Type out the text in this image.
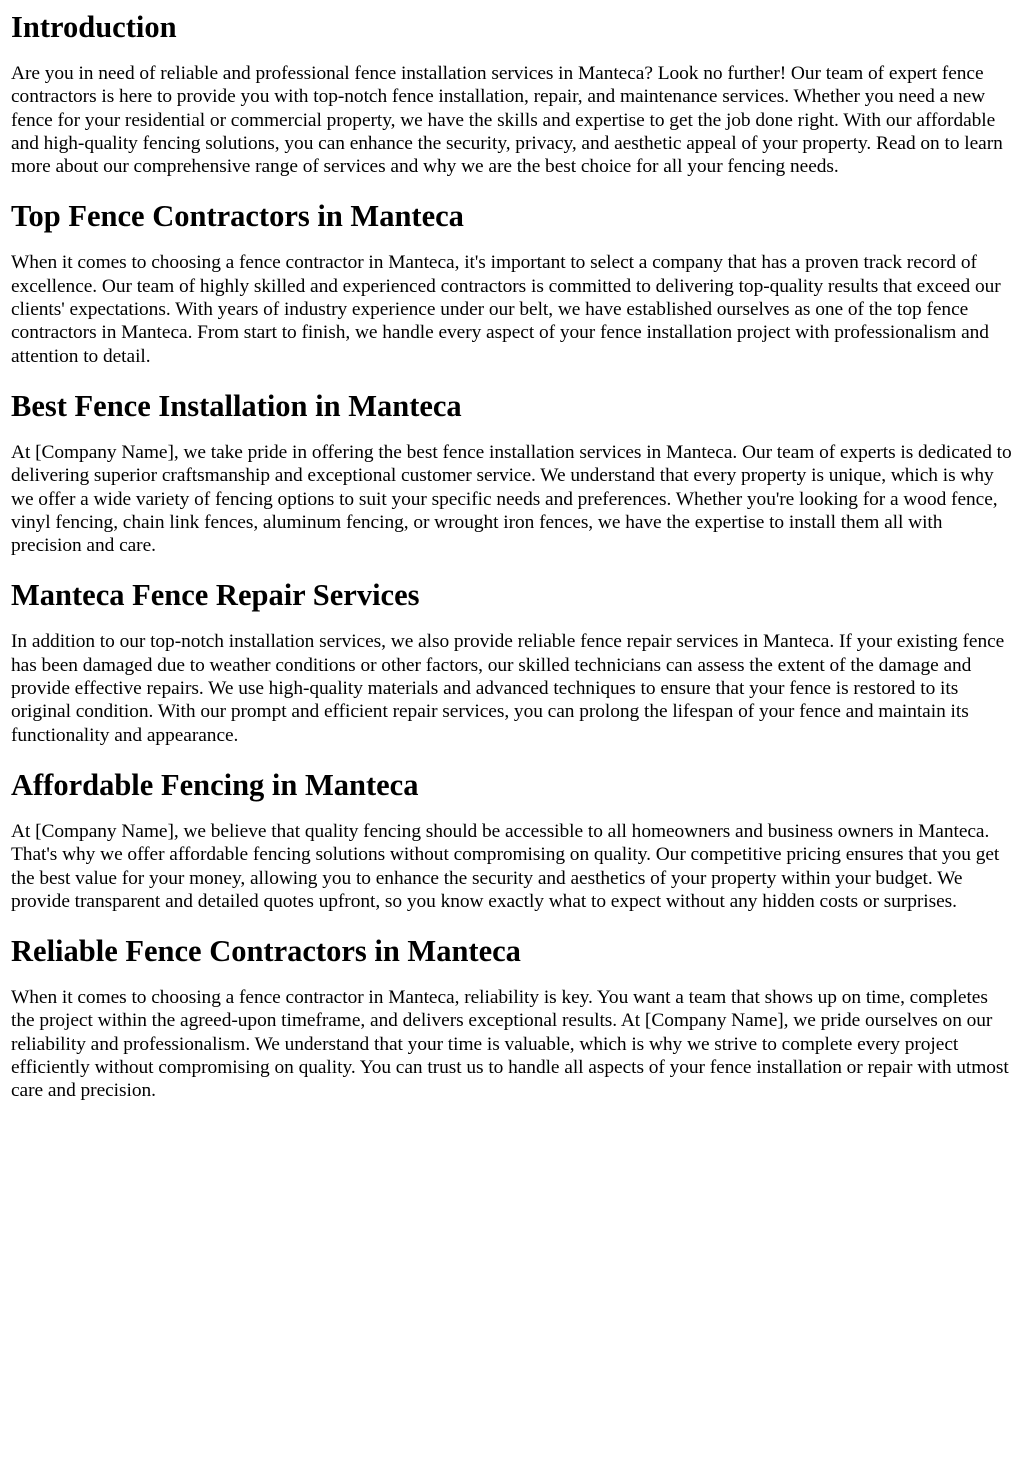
Introduction

Are you in need of reliable and professional fence installation services in Manteca? Look no further! Our team of expert fence contractors is here to provide you with top-notch fence installation, repair, and maintenance services. Whether you need a new fence for your residential or commercial property, we have the skills and expertise to get the job done right. With our affordable and high-quality fencing solutions, you can enhance the security, privacy, and aesthetic appeal of your property. Read on to learn more about our comprehensive range of services and why we are the best choice for all your fencing needs.

Top Fence Contractors in Manteca

When it comes to choosing a fence contractor in Manteca, it's important to select a company that has a proven track record of excellence. Our team of highly skilled and experienced contractors is committed to delivering top-quality results that exceed our clients' expectations. With years of industry experience under our belt, we have established ourselves as one of the top fence contractors in Manteca. From start to finish, we handle every aspect of your fence installation project with professionalism and attention to detail.

Best Fence Installation in Manteca

At [Company Name], we take pride in offering the best fence installation services in Manteca. Our team of experts is dedicated to delivering superior craftsmanship and exceptional customer service. We understand that every property is unique, which is why we offer a wide variety of fencing options to suit your specific needs and preferences. Whether you're looking for a wood fence, vinyl fencing, chain link fences, aluminum fencing, or wrought iron fences, we have the expertise to install them all with precision and care.

Manteca Fence Repair Services

In addition to our top-notch installation services, we also provide reliable fence repair services in Manteca. If your existing fence has been damaged due to weather conditions or other factors, our skilled technicians can assess the extent of the damage and provide effective repairs. We use high-quality materials and advanced techniques to ensure that your fence is restored to its original condition. With our prompt and efficient repair services, you can prolong the lifespan of your fence and maintain its functionality and appearance.

Affordable Fencing in Manteca

At [Company Name], we believe that quality fencing should be accessible to all homeowners and business owners in Manteca. That's why we offer affordable fencing solutions without compromising on quality. Our competitive pricing ensures that you get the best value for your money, allowing you to enhance the security and aesthetics of your property within your budget. We provide transparent and detailed quotes upfront, so you know exactly what to expect without any hidden costs or surprises.

Reliable Fence Contractors in Manteca

When it comes to choosing a fence contractor in Manteca, reliability is key. You want a team that shows up on time, completes the project within the agreed-upon timeframe, and delivers exceptional results. At [Company Name], we pride ourselves on our reliability and professionalism. We understand that your time is valuable, which is why we strive to complete every project efficiently without compromising on quality. You can trust us to handle all aspects of your fence installation or repair with utmost care and precision.
